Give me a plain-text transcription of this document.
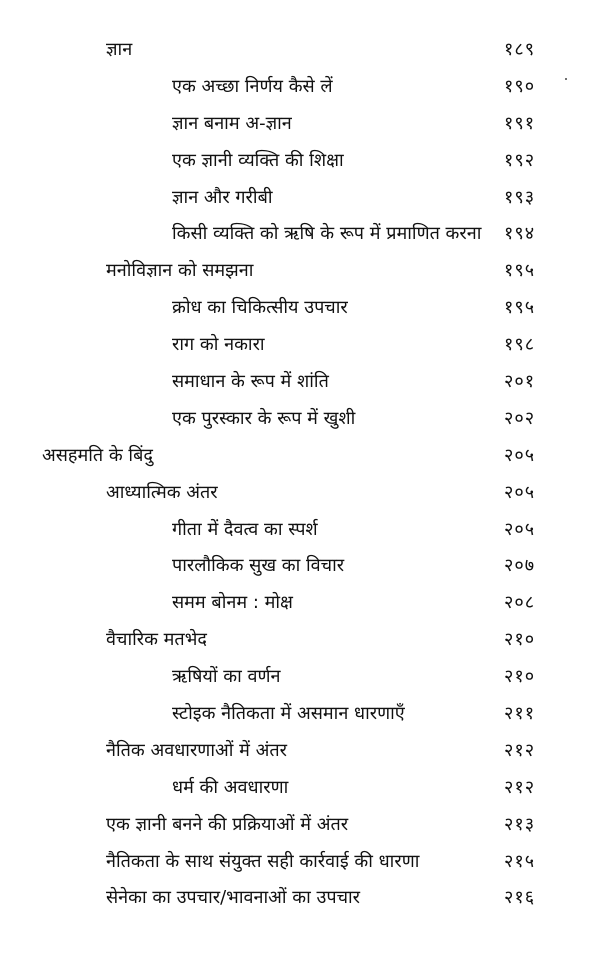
ज्ञान	१८९
एक अच्छा निर्णय कैसे लें	१९०
ज्ञान बनाम अ-ज्ञान	१९१
एक ज्ञानी व्यक्ति की शिक्षा	१९२
ज्ञान और गरीबी	१९३
किसी व्यक्ति को ऋषि के रूप में प्रमाणित करना १९४
मनोविज्ञान को समझना	१९५
क्रोध का चिकित्सीय उपचार	१९५
राग को नकारा	१९८
समाधान के रूप में शांति	२०१
एक पुरस्कार के रूप में खुशी	२०२
असहमति के बिंदु	२०५
आध्यात्मिक अंतर	२०५
गीता में दैवत्व का स्पर्श	२०५
पारलौकिक सुख का विचार	२०७
समम बोनम : मोक्ष	२०८
वैचारिक मतभेद	२१०
ऋषियों का वर्णन	२१०
स्टोइक नैतिकता में असमान धारणाएँ	२११
नैतिक अवधारणाओं में अंतर	२१२
धर्म की अवधारणा	२१२
एक ज्ञानी बनने की प्रक्रियाओं में अंतर	२१३
नैतिकता के साथ संयुक्त सही कार्रवाई की धारणा	२१५
सेनेका का उपचार/भावनाओं का उपचार	२१६
